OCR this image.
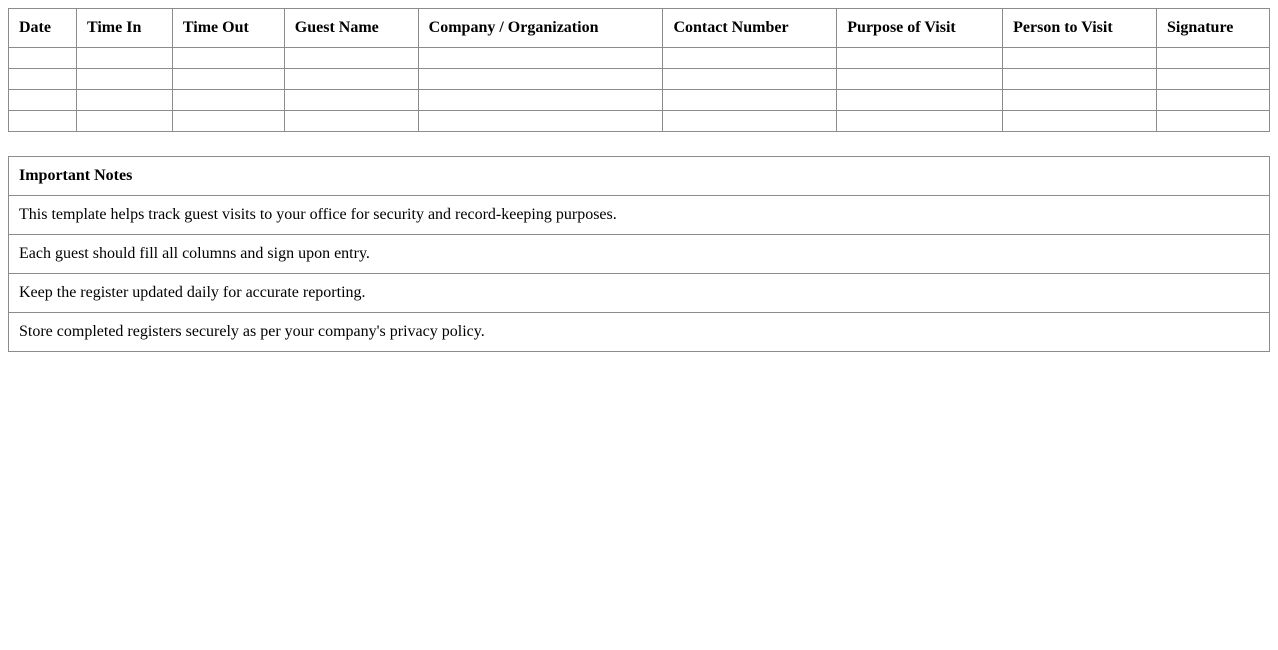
Date	Time In	Time Out	Guest Name	Company / Organization	Contact Number	Purpose of Visit	Person to Visit	Signature

Important Notes
This template helps track guest visits to your office for security and record-keeping purposes.
Each guest should fill all columns and sign upon entry.
Keep the register updated daily for accurate reporting.
Store completed registers securely as per your company's privacy policy.
